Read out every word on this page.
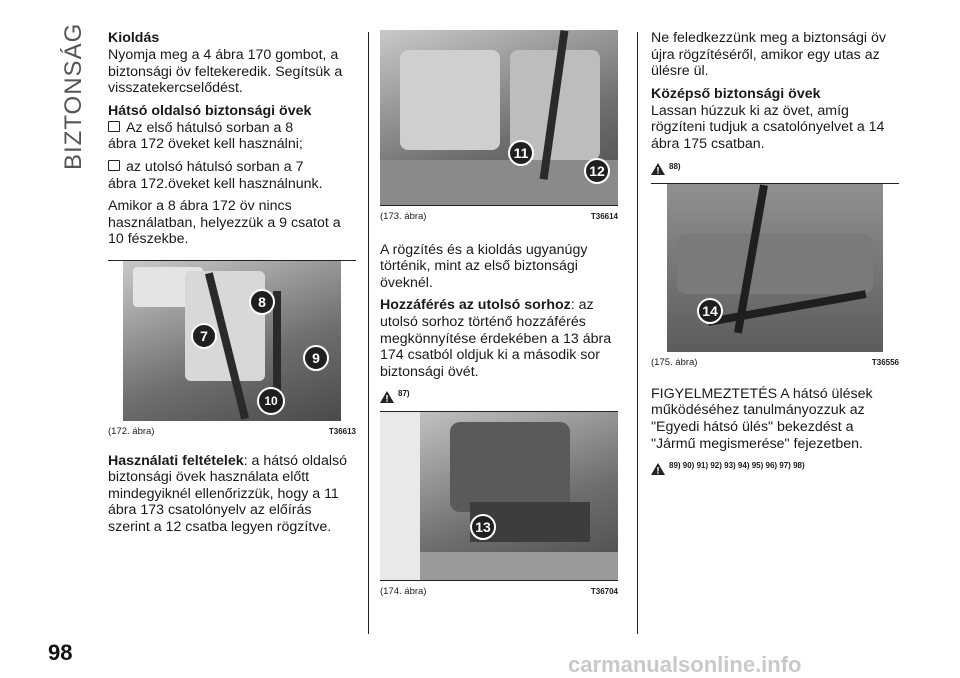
BIZTONSÁG Kioldás

Nyomja meg a 4 ábra 170 gombot, a biztonsági öv feltekeredik. Segítsük a visszatekercselődést.

Hátsó oldalsó biztonsági övek
Az első hátulsó sorban a 8

ábra 172 öveket kell használni;

az utolsó hátulsó sorban a 7

ábra 172.öveket kell használnunk.

Amikor a 8 ábra 172 öv nincs használatban, helyezzük a 9 csatot a 10 fészekbe.

8
7
9
10
(172. ábra)	T36613

Használati feltételek: a hátsó oldalsó biztonsági övek használata előtt mindegyiknél ellenőrizzük, hogy a 11 ábra 173 csatolónyelv az előírás szerint a 12 csatba legyen rögzítve.

11
12
(173. ábra)	T36614

A rögzítés és a kioldás ugyanúgy történik, mint az első biztonsági öveknél.

Hozzáférés az utolsó sorhoz: az utolsó sorhoz történő hozzáférés megkönnyítése érdekében a 13 ábra 174 csatból oldjuk ki a második sor biztonsági övét.

87)
13
(174. ábra)	T36704

Ne feledkezzünk meg a biztonsági öv újra rögzítéséről, amikor egy utas az ülésre ül.

Középső biztonsági övek

Lassan húzzuk ki az övet, amíg rögzíteni tudjuk a csatolónyelvet a 14 ábra 175 csatban.

88)
14
(175. ábra)	T36556

FIGYELMEZTETÉS A hátsó ülések működéséhez tanulmányozzuk az "Egyedi hátsó ülés" bekezdést a "Jármű megismerése" fejezetben.

89) 90) 91) 92) 93) 94) 95) 96) 97) 98)
98	carmanualsonline.info
